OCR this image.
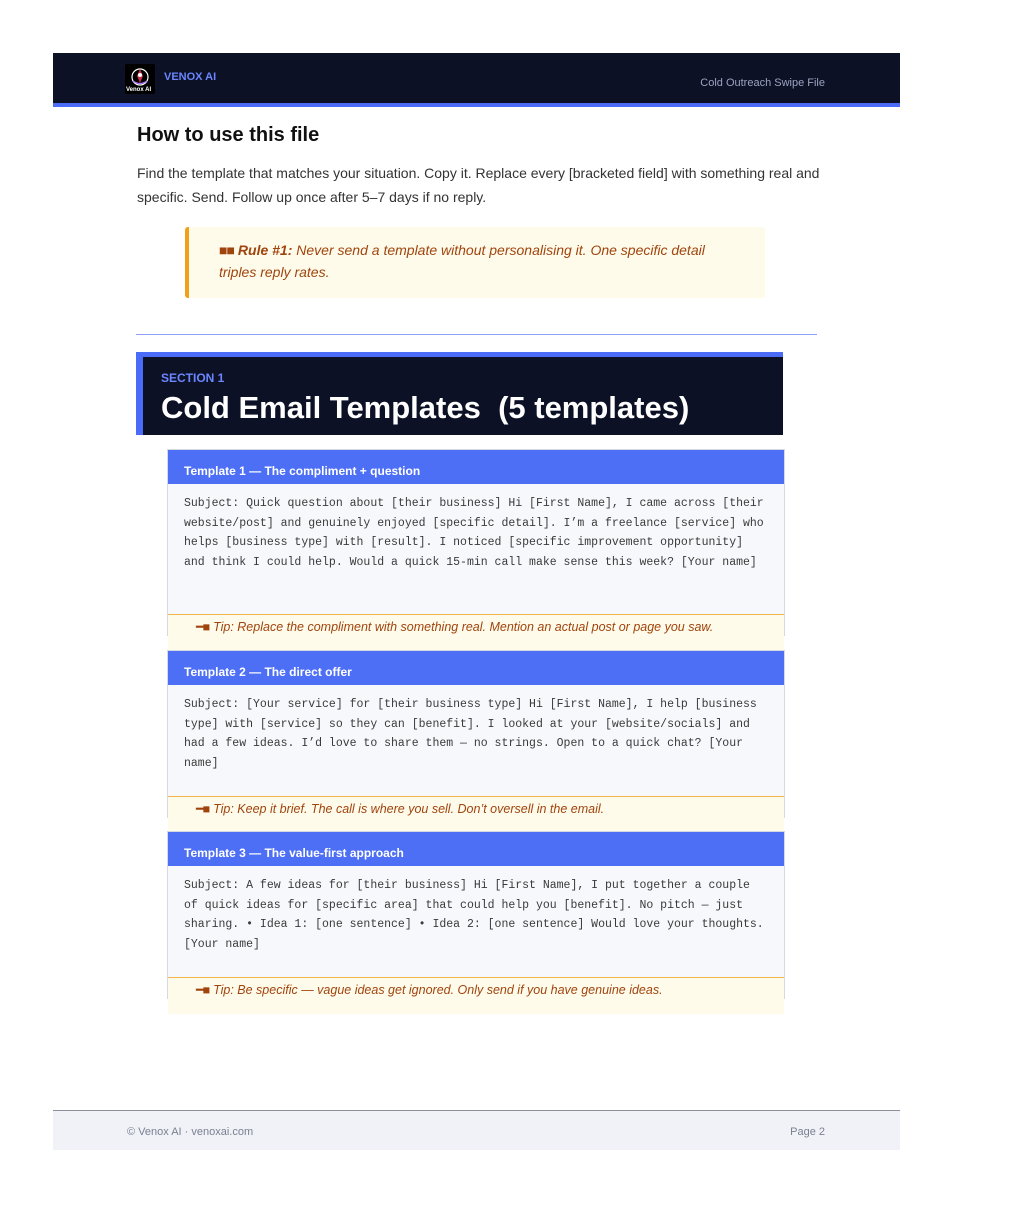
Venox AI
VENOX AI	Cold Outreach Swipe File
How to use this file

Find the template that matches your situation. Copy it. Replace every [bracketed field] with something real and specific. Send. Follow up once after 5–7 days if no reply.

■■ Rule #1: Never send a template without personalising it. One specific detail triples reply rates.
SECTION 1
Cold Email Templates  (5 templates)
Template 1 — The compliment + question
Subject: Quick question about [their business] Hi [First Name], I came across [their website/post] and genuinely enjoyed [specific detail]. I’m a freelance [service] who helps [business type] with [result]. I noticed [specific improvement opportunity] and think I could help. Would a quick 15-min call make sense this week? [Your name]
━■ Tip: Replace the compliment with something real. Mention an actual post or page you saw.
Template 2 — The direct offer
Subject: [Your service] for [their business type] Hi [First Name], I help [business type] with [service] so they can [benefit]. I looked at your [website/socials] and had a few ideas. I’d love to share them — no strings. Open to a quick chat? [Your name]
━■ Tip: Keep it brief. The call is where you sell. Don’t oversell in the email.
Template 3 — The value-first approach
Subject: A few ideas for [their business] Hi [First Name], I put together a couple of quick ideas for [specific area] that could help you [benefit]. No pitch — just sharing. • Idea 1: [one sentence] • Idea 2: [one sentence] Would love your thoughts. [Your name]
━■ Tip: Be specific — vague ideas get ignored. Only send if you have genuine ideas.
© Venox AI · venoxai.com	Page 2
